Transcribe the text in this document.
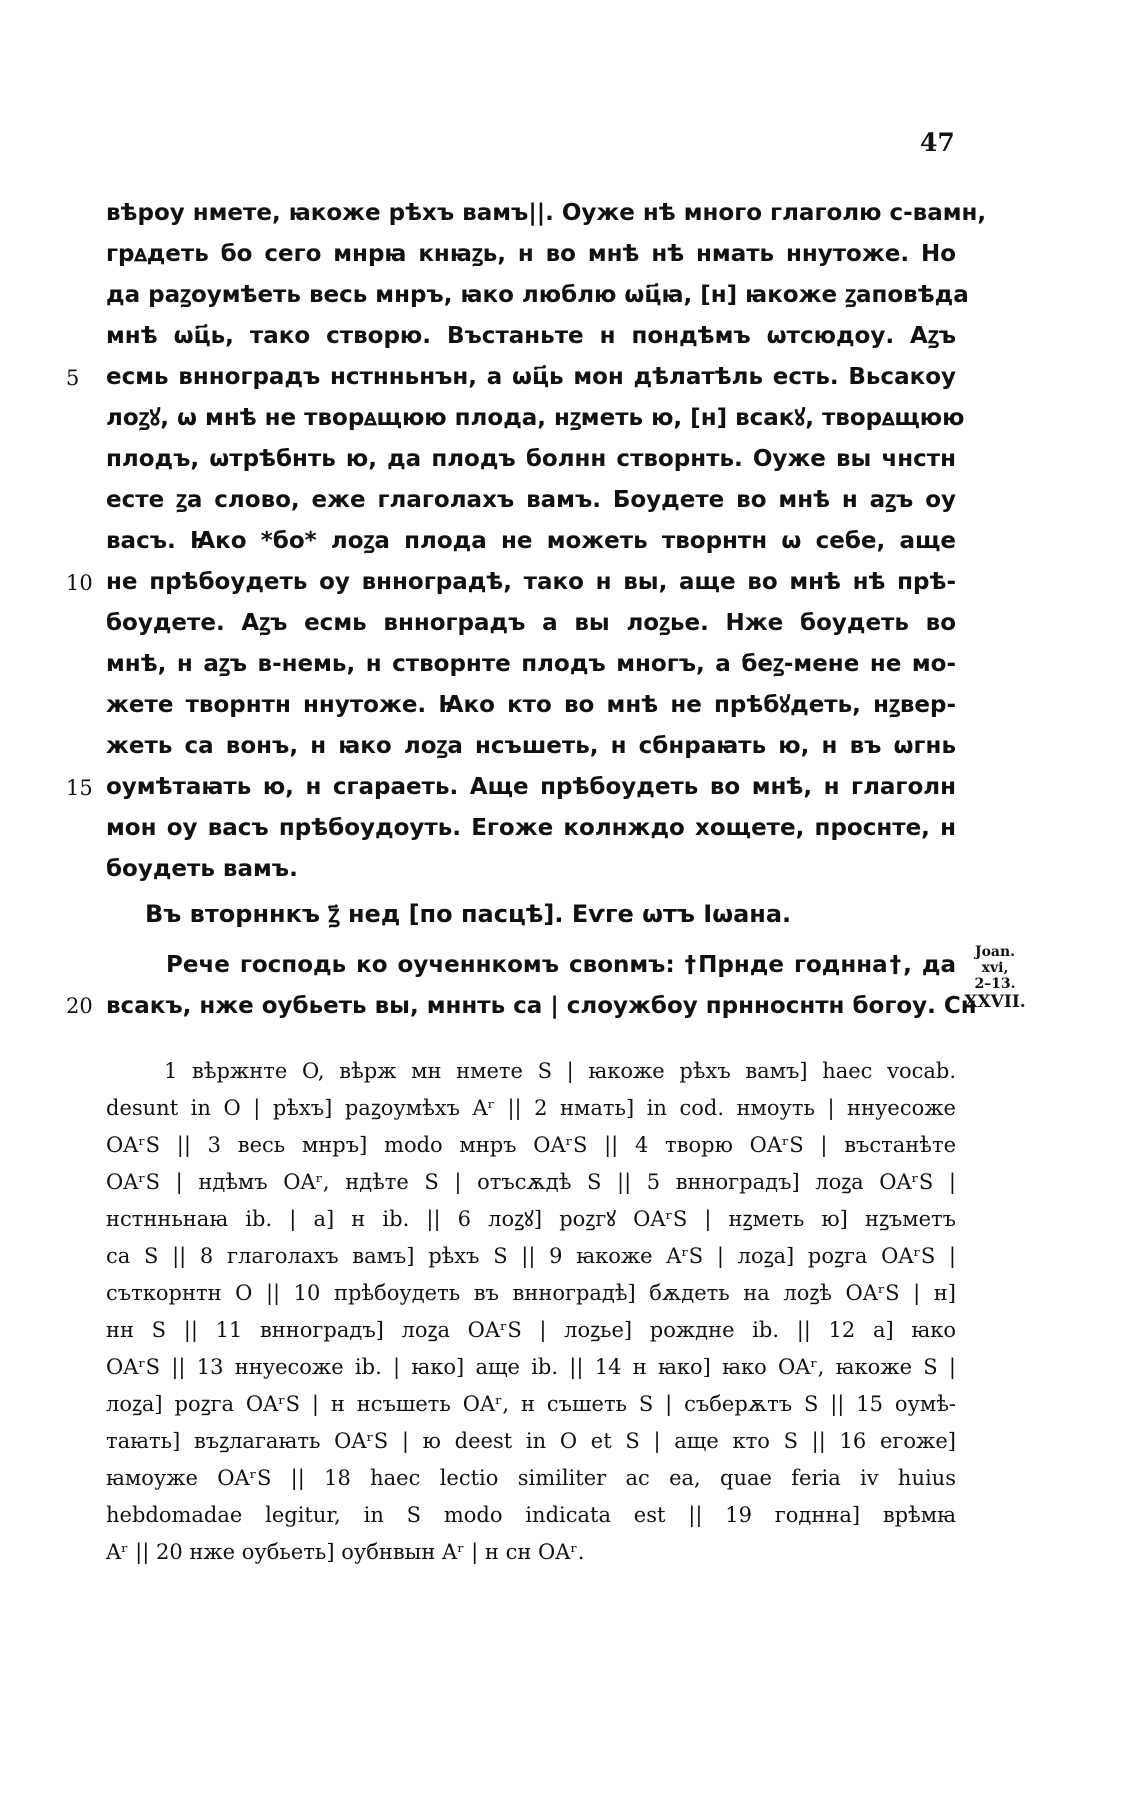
47
вѣроу нмете, ꙗкоже рѣхъ вамъ||. Оуже нѣ много глаголю с-вамн,
грꙙдеть бо сего мнрꙗ кнꙗꙁь, н во мнѣ нѣ нмать ннутоже. Но
да раꙁоумѣеть весь мнръ, ꙗко люблю ѡц҃ꙗ, [н] ꙗкоже ꙁаповѣда
мнѣ ѡц҃ь, тако створю. Въстаньте н пондѣмъ ѡтсюдоу. Аꙁъ
есмь внноградъ нстнньнън, а ѡц҃ь мон дѣлатѣль есть. Вьсакоу
лоꙁꙋ, ѡ мнѣ не творꙙщюю плода, нꙁметь ю, [н] всакꙋ, творꙙщюю
плодъ, ѡтрѣбнть ю, да плодъ болнн створнть. Оуже вы чнстн
есте ꙁа слово, еже глаголахъ вамъ. Боудете во мнѣ н аꙁъ оу
васъ. Ꙗко *бо* лоꙁа плода не можеть творнтн ѡ себе, аще
не прѣбоудеть оу внноградѣ, тако н вы, аще во мнѣ нѣ прѣ-
боудете. Аꙁъ есмь внноградъ а вы лоꙁье. Нже боудеть во
мнѣ, н аꙁъ в-немь, н створнте плодъ многъ, а беꙁ-мене не мо-
жете творнтн ннутоже. Ꙗко кто во мнѣ не прѣбꙋдеть, нꙁвер-
жеть са вонъ, н ꙗко лоꙁа нсъшеть, н сбнраꙗть ю, н въ ѡгнь
оумѣтаꙗть ю, н сгараеть. Аще прѣбоудеть во мнѣ, н глаголн
мон оу васъ прѣбоудоуть. Егоже колнждо хощете, проснте, н
боудеть вамъ.
5
10
15
Въ вторннкъ ꙁ҃ нед [по пасцѣ]. Еѵге ѡтъ Іѡана.
Рече господь ко оученнкомъ своnмъ: †Прнде годнна†, да
всакъ, нже оубьеть вы, мннть са | слоужбоу прнноснтн богоу. Сн
20
Joan.
xvi,
2–13.
XXVII.
1 вѣржнте O, вѣрж мн нмете S | ꙗкоже рѣхъ вамъ] haec vocab.
desunt in O | рѣхъ] раꙁоумѣхъ Aʳ || 2 нмать] in cod. нмоуть | ннуесоже
OAʳS || 3 весь мнръ] modo мнръ OAʳS || 4 творю OAʳS | въстанѣте
OAʳS | ндѣмъ OAʳ, ндѣте S | отъсѫдѣ S || 5 внноградъ] лоꙁа OAʳS |
нстнньнаꙗ ib. | а] н ib. || 6 лоꙁꙋ] роꙁгꙋ OAʳS | нꙁметь ю] нꙁъметъ
са S || 8 глаголахъ вамъ] рѣхъ S || 9 ꙗкоже AʳS | лоꙁа] роꙁга OAʳS |
съткорнтн O || 10 прѣбоудеть въ внноградѣ] бѫдеть на лоꙁѣ OAʳS | н]
нн S || 11 внноградъ] лоꙁа OAʳS | лоꙁье] рождне ib. || 12 а] ꙗко
OAʳS || 13 ннуесоже ib. | ꙗко] аще ib. || 14 н ꙗко] ꙗко OAʳ, ꙗкоже S |
лоꙁа] роꙁга OAʳS | н нсъшеть OAʳ, н съшеть S | съберѫтъ S || 15 оумѣ-
таꙗть] въꙁлагаꙗть OAʳS | ю deest in O et S | аще кто S || 16 егоже]
ꙗмоуже OAʳS || 18 haec lectio similiter ac ea, quae feria iv huius
hebdomadae legitur, in S modo indicata est || 19 годнна] врѣмꙗ
Aʳ || 20 нже оубьеть] оубнвын Aʳ | н сн OAʳ.
